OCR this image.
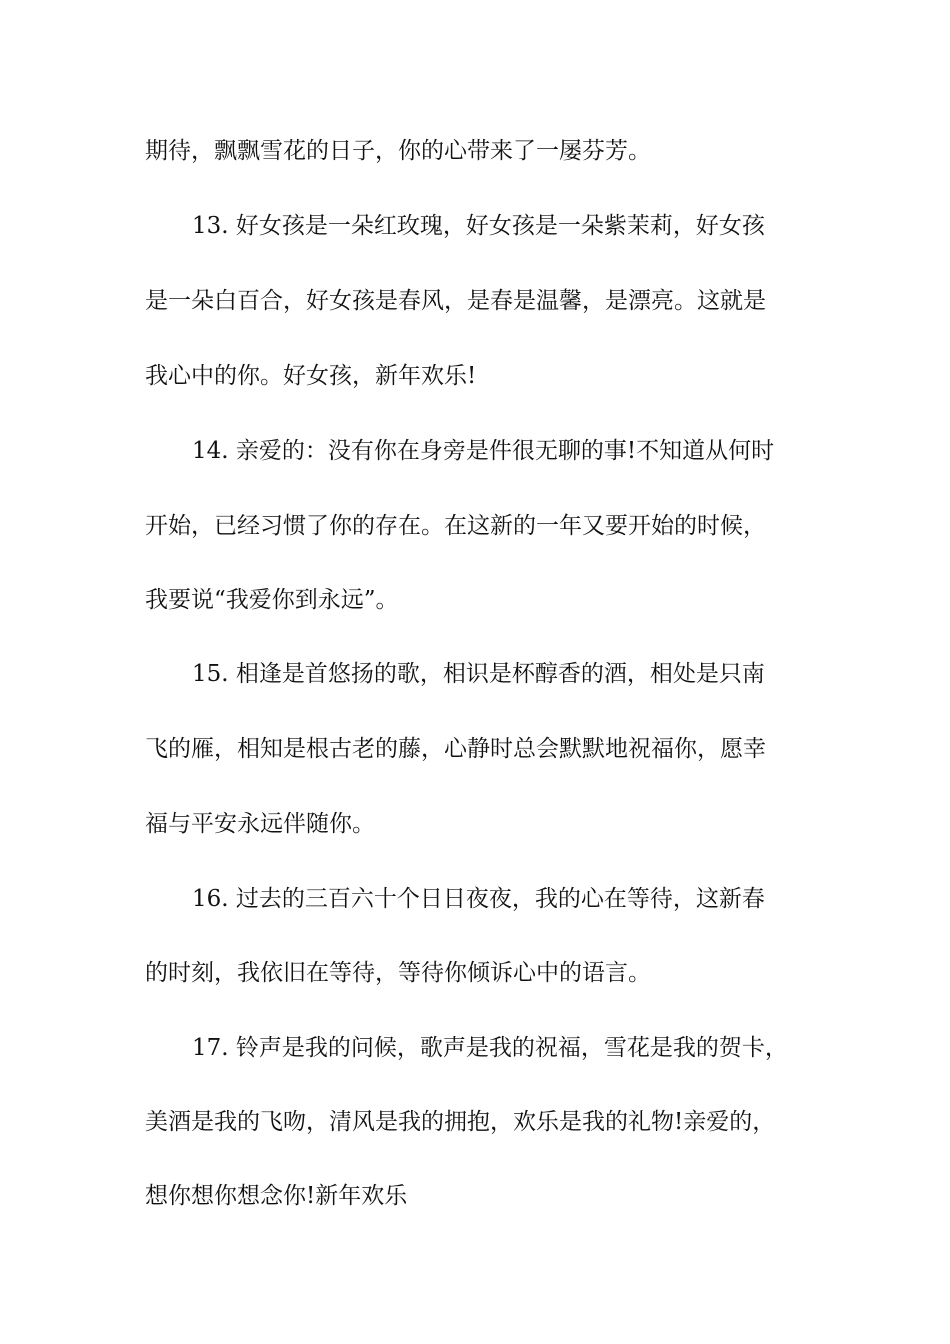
期待，飘飘雪花的日子，你的心带来了一屡芬芳。
13. 好女孩是一朵红玫瑰，好女孩是一朵紫茉莉，好女孩
是一朵白百合，好女孩是春风，是春是温馨，是漂亮。这就是
我心中的你。好女孩，新年欢乐!
14. 亲爱的：没有你在身旁是件很无聊的事!不知道从何时
开始，已经习惯了你的存在。在这新的一年又要开始的时候，
我要说“我爱你到永远”。
15. 相逢是首悠扬的歌，相识是杯醇香的酒，相处是只南
飞的雁，相知是根古老的藤，心静时总会默默地祝福你，愿幸
福与平安永远伴随你。
16. 过去的三百六十个日日夜夜，我的心在等待，这新春
的时刻，我依旧在等待，等待你倾诉心中的语言。
17. 铃声是我的问候，歌声是我的祝福，雪花是我的贺卡，
美酒是我的飞吻，清风是我的拥抱，欢乐是我的礼物!亲爱的，
想你想你想念你!新年欢乐
